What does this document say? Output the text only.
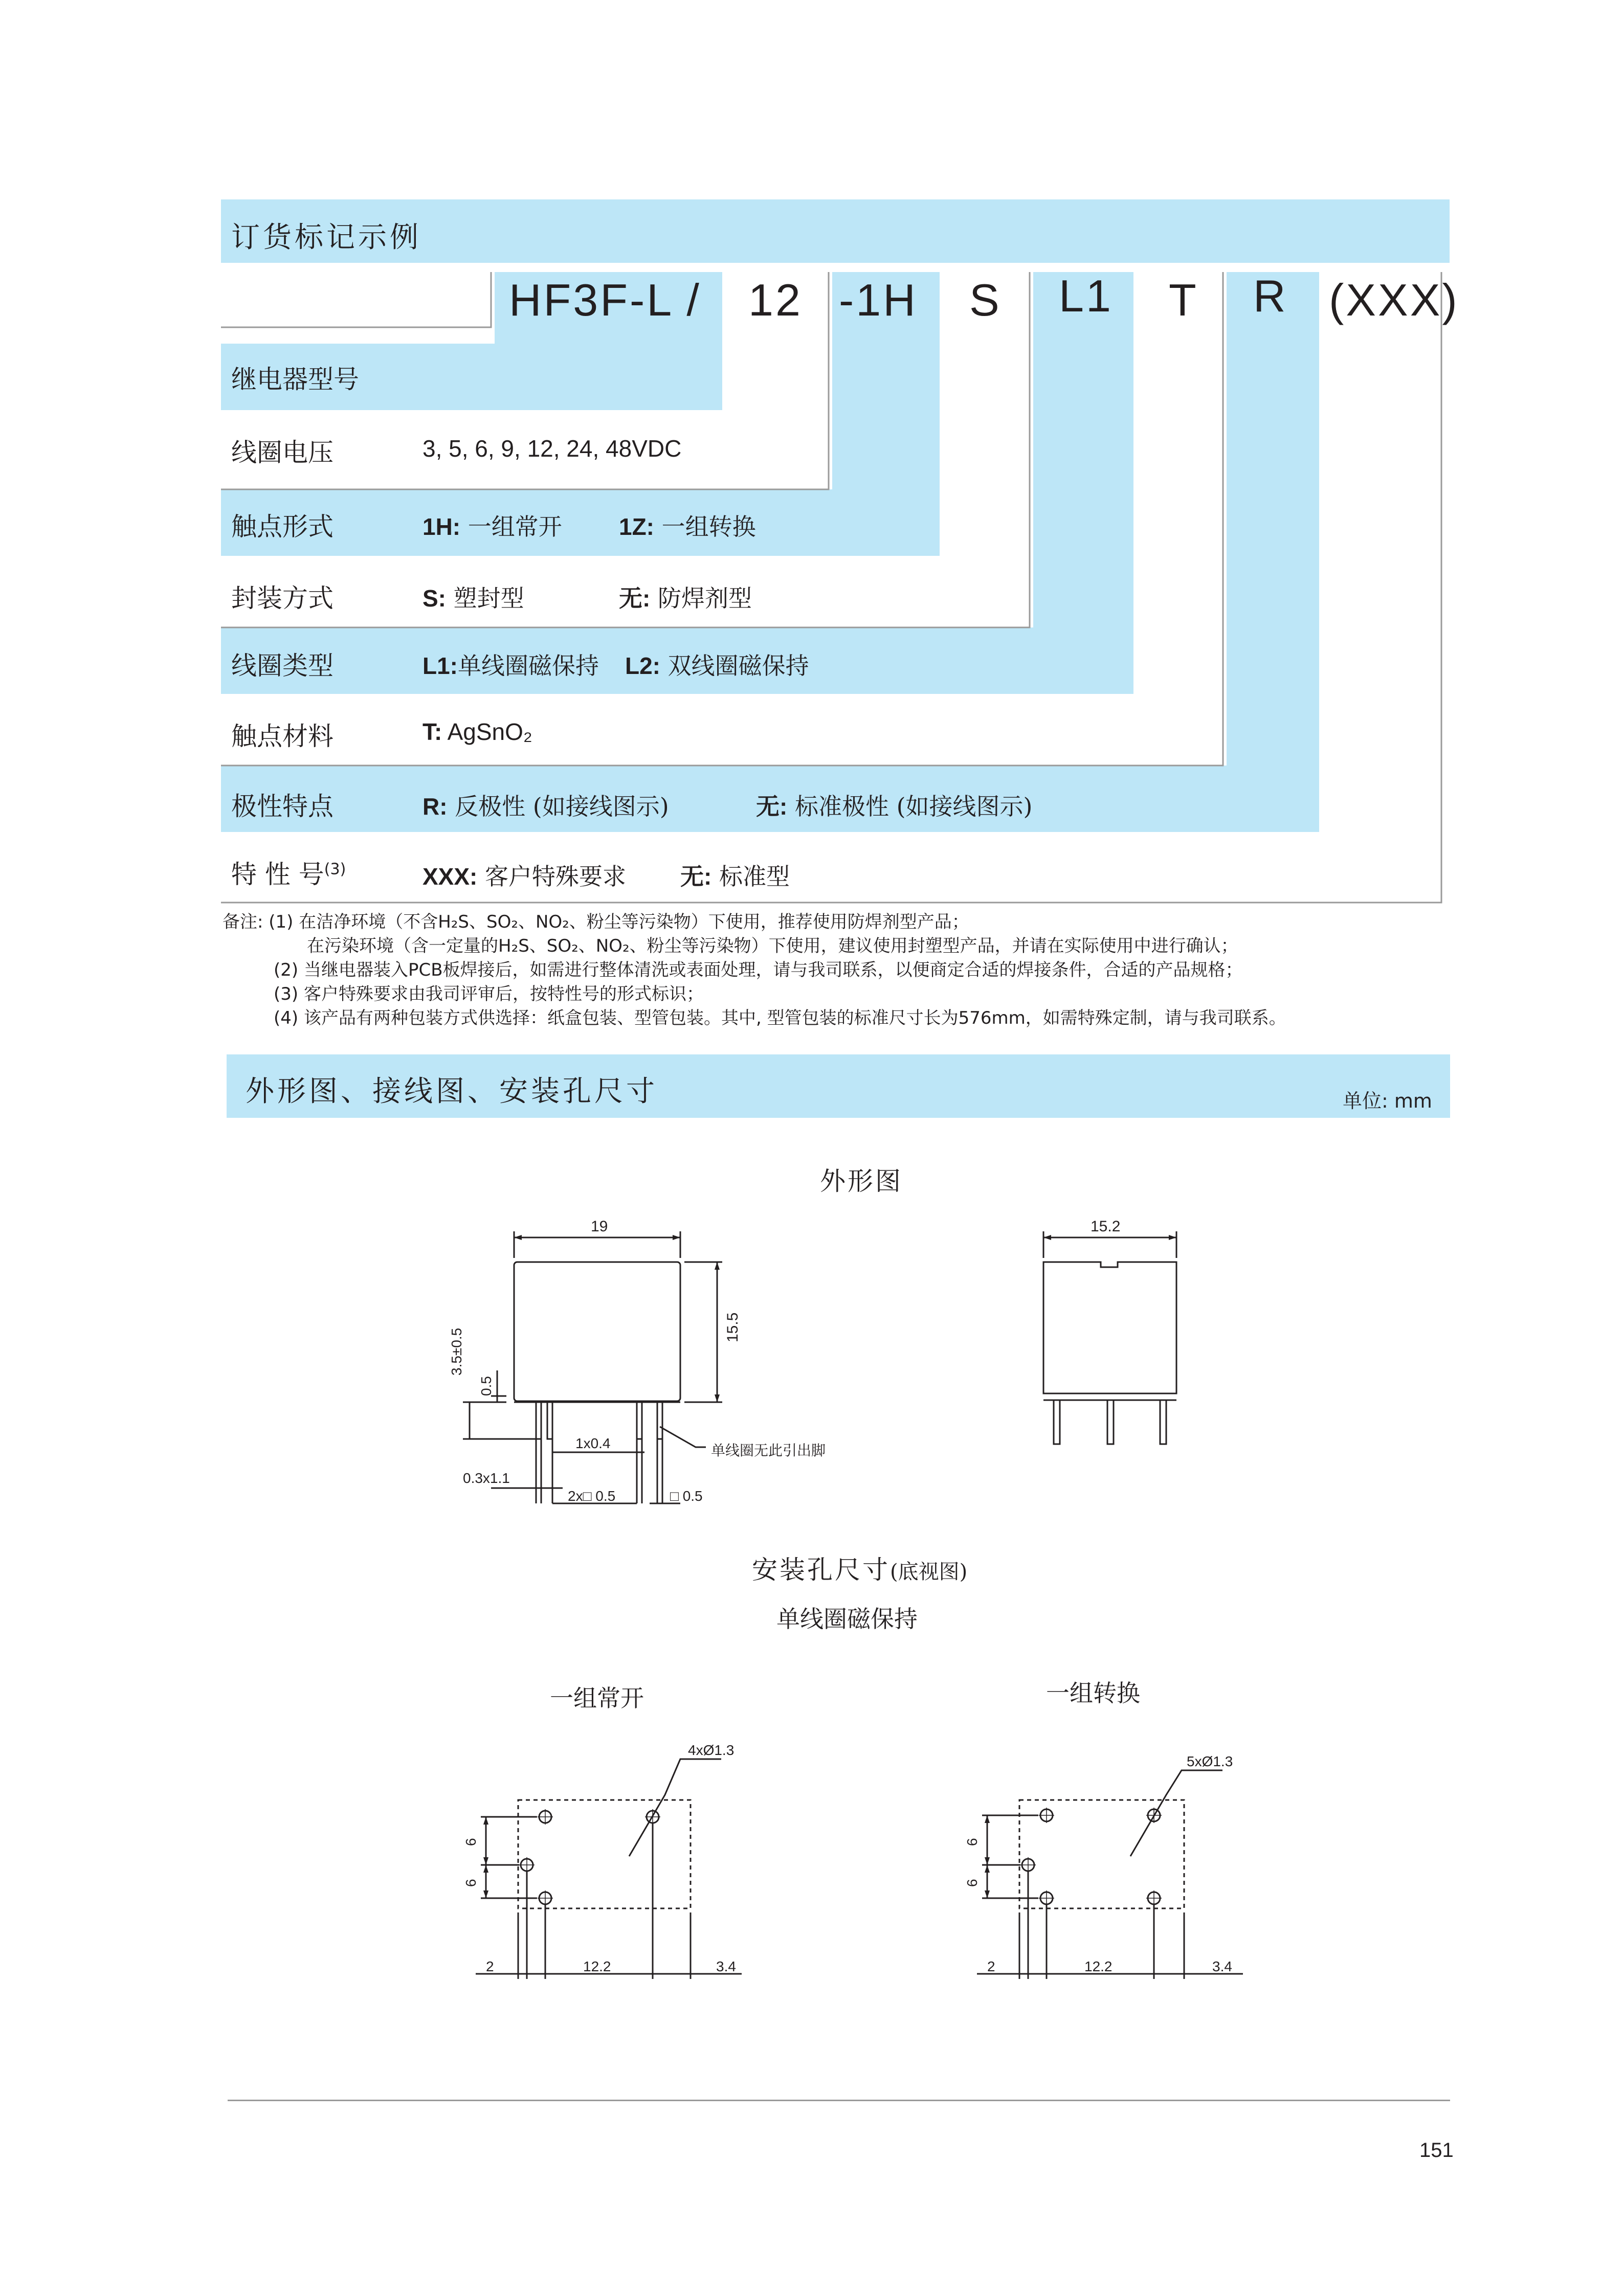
订货标记示例
HF3F-L / 12 -1H S L1 T R (XXX)
继电器型号
线圈电压	3, 5, 6, 9, 12, 24, 48VDC
触点形式	1H: 一组常开 1Z: 一组转换
封装方式	S: 塑封型	无: 防焊剂型
线圈类型	L1:单线圈磁保持 L2: 双线圈磁保持
触点材料	T: AgSnO₂
极性特点	R: 反极性 (如接线图示)	无: 标准极性 (如接线图示)
特 性 号$^{(3)}$	XXX: 客户特殊要求 无: 标准型
备注: (1) 在洁净环境（不含H₂S、SO₂、NO₂、粉尘等污染物）下使用，推荐使用防焊剂型产品；
在污染环境（含一定量的H₂S、SO₂、NO₂、粉尘等污染物）下使用，建议使用封塑型产品，并请在实际使用中进行确认；
(2) 当继电器装入PCB板焊接后，如需进行整体清洗或表面处理，请与我司联系，以便商定合适的焊接条件，合适的产品规格；
(3) 客户特殊要求由我司评审后，按特性号的形式标识；
(4) 该产品有两种包装方式供选择：纸盒包装、型管包装。其中, 型管包装的标准尺寸长为576mm，如需特殊定制，请与我司联系。
外形图、接线图、安装孔尺寸	单位: mm
外形图
19
15.5
3.5±0.5
0.5
0.3x1.1
1x0.4
2x□ 0.5	□ 0.5
单线圈无此引出脚
15.2
安装孔尺寸(底视图)
单线圈磁保持
一组常开	一组转换
6
6
2	12.2	3.4
4xØ1.3
6
6
2	12.2	3.4
5xØ1.3
151
